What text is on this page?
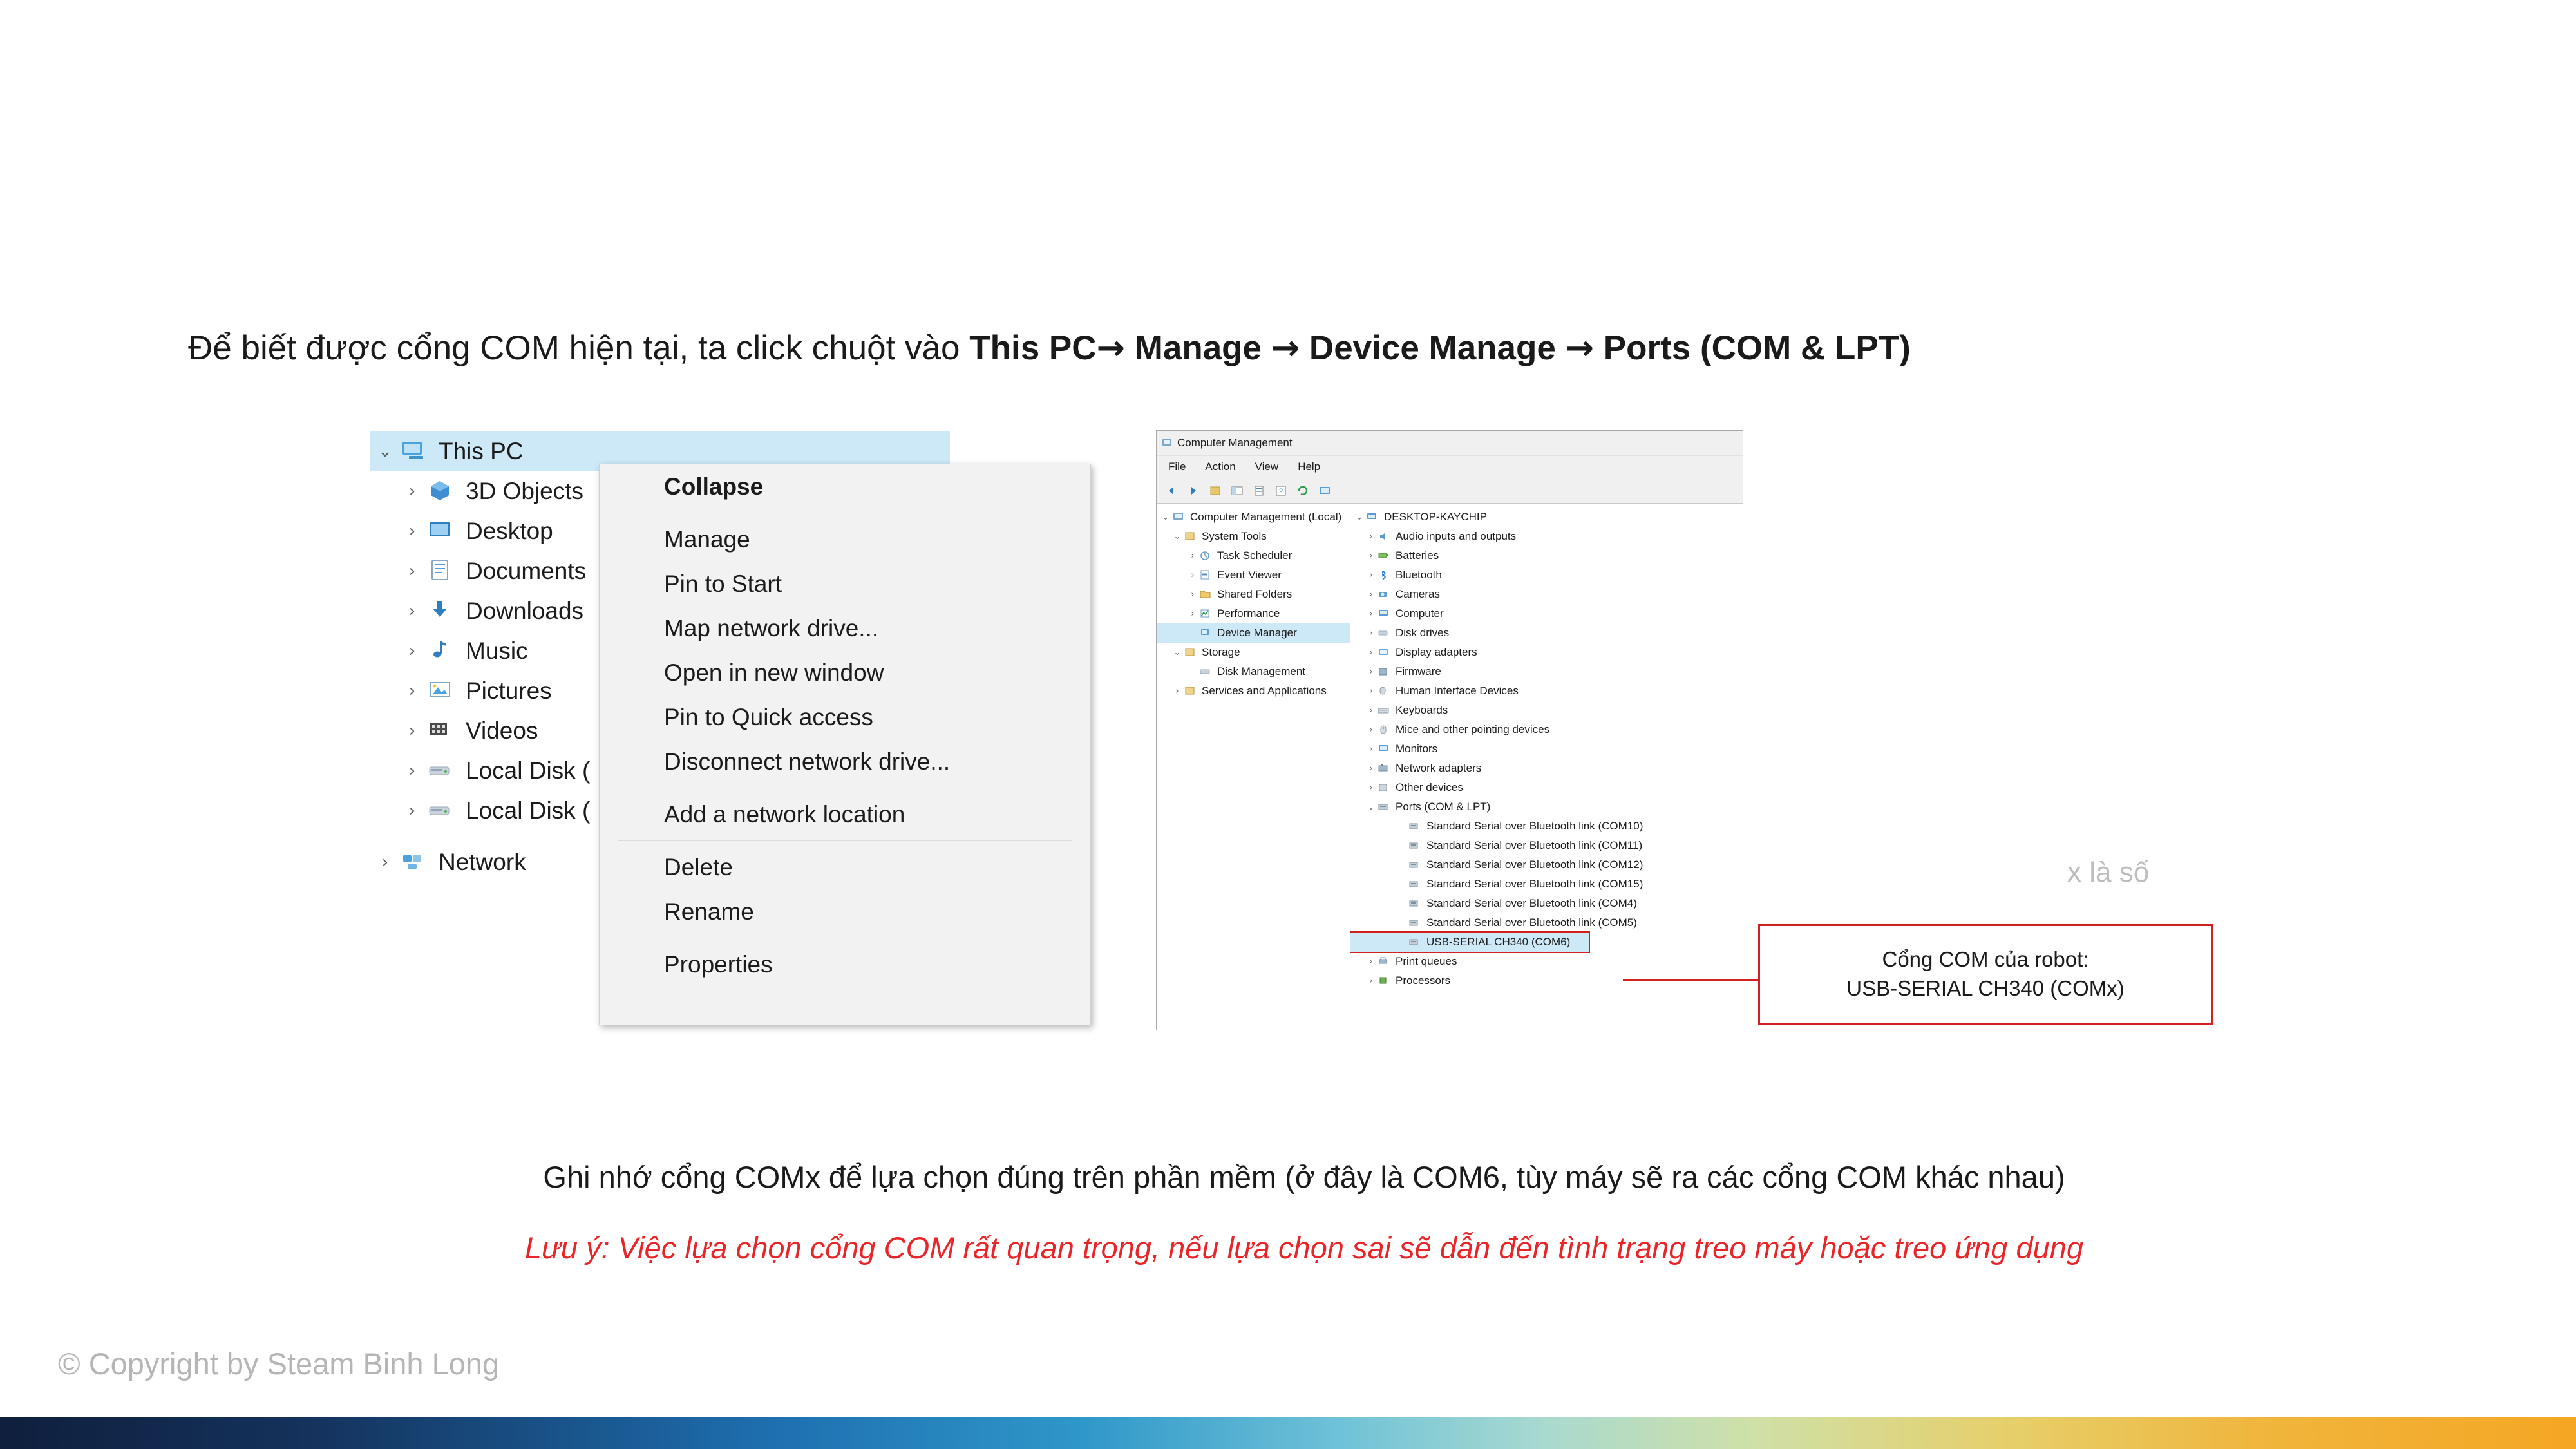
Để biết được cổng COM hiện tại, ta click chuột vào This PC→ Manage → Device Manage → Ports (COM & LPT)
⌄	This PC
›	3D Objects
›	Desktop
›	Documents
›	Downloads
›	Music
›	Pictures
›	Videos
›	Local Disk (
›	Local Disk (
›	Network
Collapse
Manage
Pin to Start
Map network drive...
Open in new window
Pin to Quick access
Disconnect network drive...
Add a network location
Delete
Rename
Properties
Computer Management
File Action View Help
?
⌄ Computer Management (Local)
⌄ System Tools
›	Task Scheduler
›	Event Viewer
›	Shared Folders
›	Performance
Device Manager
⌄ Storage
Disk Management
›	Services and Applications
⌄ DESKTOP-KAYCHIP
›	Audio inputs and outputs
›	Batteries
›	Bluetooth
›	Cameras
›	Computer
›	Disk drives
›	Display adapters
›	Firmware
›	Human Interface Devices
›	Keyboards
›	Mice and other pointing devices
›	Monitors
›	Network adapters
›	! Other devices
⌄ Ports (COM & LPT)
Standard Serial over Bluetooth link (COM10)
Standard Serial over Bluetooth link (COM11)
Standard Serial over Bluetooth link (COM12)
Standard Serial over Bluetooth link (COM15)
Standard Serial over Bluetooth link (COM4)
Standard Serial over Bluetooth link (COM5)
USB-SERIAL CH340 (COM6)
›	Print queues
›	Processors
Cổng COM của robot:
USB-SERIAL CH340 (COMx)
x là số
Ghi nhớ cổng COMx để lựa chọn đúng trên phần mềm (ở đây là COM6, tùy máy sẽ ra các cổng COM khác nhau)
Lưu ý: Việc lựa chọn cổng COM rất quan trọng, nếu lựa chọn sai sẽ dẫn đến tình trạng treo máy hoặc treo ứng dụng
© Copyright by Steam Binh Long
